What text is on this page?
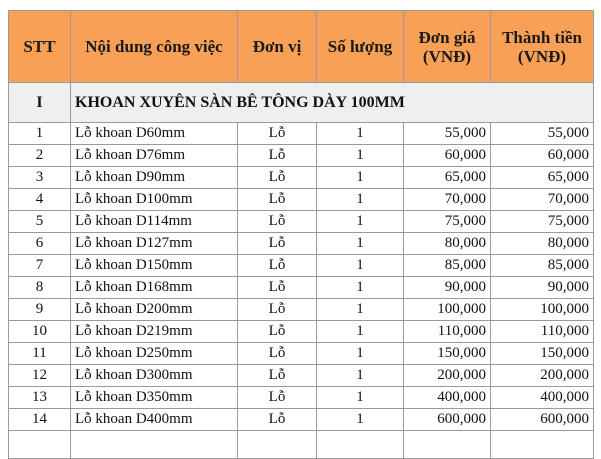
STT	Nội dung công việc	Đơn vị	Số lượng	Đơn giá (VNĐ)	Thành tiền (VNĐ)
I	KHOAN XUYÊN SÀN BÊ TÔNG DÀY 100MM				
1	Lỗ khoan D60mm	Lỗ	1	55,000	55,000
2	Lỗ khoan D76mm	Lỗ	1	60,000	60,000
3	Lỗ khoan D90mm	Lỗ	1	65,000	65,000
4	Lỗ khoan D100mm	Lỗ	1	70,000	70,000
5	Lỗ khoan D114mm	Lỗ	1	75,000	75,000
6	Lỗ khoan D127mm	Lỗ	1	80,000	80,000
7	Lỗ khoan D150mm	Lỗ	1	85,000	85,000
8	Lỗ khoan D168mm	Lỗ	1	90,000	90,000
9	Lỗ khoan D200mm	Lỗ	1	100,000	100,000
10	Lỗ khoan D219mm	Lỗ	1	110,000	110,000
11	Lỗ khoan D250mm	Lỗ	1	150,000	150,000
12	Lỗ khoan D300mm	Lỗ	1	200,000	200,000
13	Lỗ khoan D350mm	Lỗ	1	400,000	400,000
14	Lỗ khoan D400mm	Lỗ	1	600,000	600,000
